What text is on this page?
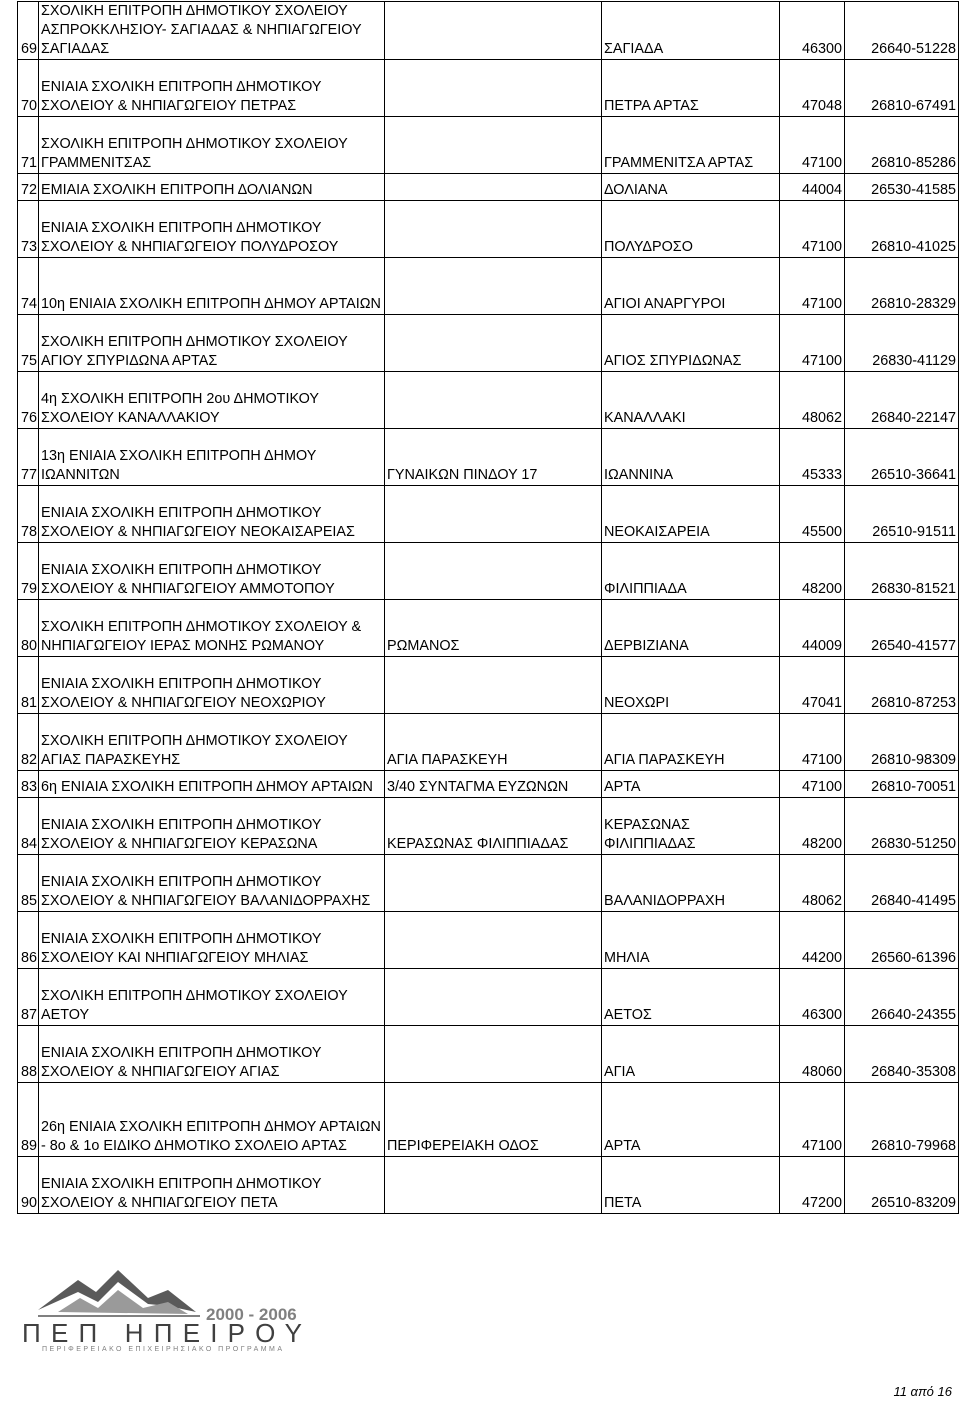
69	ΣΧΟΛΙΚΗ ΕΠΙΤΡΟΠΗ ΔΗΜΟΤΙΚΟΥ ΣΧΟΛΕΙΟΥ ΑΣΠΡΟΚΚΛΗΣΙΟΥ- ΣΑΓΙΑΔΑΣ & ΝΗΠΙΑΓΩΓΕΙΟΥ ΣΑΓΙΑΔΑΣ		ΣΑΓΙΑΔΑ	46300	26640-51228
70	ΕΝΙΑΙΑ ΣΧΟΛΙΚΗ ΕΠΙΤΡΟΠΗ ΔΗΜΟΤΙΚΟΥ ΣΧΟΛΕΙΟΥ & ΝΗΠΙΑΓΩΓΕΙΟΥ ΠΕΤΡΑΣ		ΠΕΤΡΑ ΑΡΤΑΣ	47048	26810-67491
71	ΣΧΟΛΙΚΗ ΕΠΙΤΡΟΠΗ ΔΗΜΟΤΙΚΟΥ ΣΧΟΛΕΙΟΥ ΓΡΑΜΜΕΝΙΤΣΑΣ		ΓΡΑΜΜΕΝΙΤΣΑ ΑΡΤΑΣ	47100	26810-85286
72	ΕΜΙΑΙΑ ΣΧΟΛΙΚΗ ΕΠΙΤΡΟΠΗ ΔΟΛΙΑΝΩΝ		ΔΟΛΙΑΝΑ	44004	26530-41585
73	ΕΝΙΑΙΑ ΣΧΟΛΙΚΗ ΕΠΙΤΡΟΠΗ ΔΗΜΟΤΙΚΟΥ ΣΧΟΛΕΙΟΥ & ΝΗΠΙΑΓΩΓΕΙΟΥ ΠΟΛΥΔΡΟΣΟΥ		ΠΟΛΥΔΡΟΣΟ	47100	26810-41025
74	10η ΕΝΙΑΙΑ ΣΧΟΛΙΚΗ ΕΠΙΤΡΟΠΗ ΔΗΜΟΥ ΑΡΤΑΙΩΝ		ΑΓΙΟΙ ΑΝΑΡΓΥΡΟΙ	47100	26810-28329
75	ΣΧΟΛΙΚΗ ΕΠΙΤΡΟΠΗ ΔΗΜΟΤΙΚΟΥ ΣΧΟΛΕΙΟΥ ΑΓΙΟΥ ΣΠΥΡΙΔΩΝΑ ΑΡΤΑΣ		ΑΓΙΟΣ ΣΠΥΡΙΔΩΝΑΣ	47100	26830-41129
76	4η ΣΧΟΛΙΚΗ ΕΠΙΤΡΟΠΗ 2ου ΔΗΜΟΤΙΚΟΥ ΣΧΟΛΕΙΟΥ ΚΑΝΑΛΛΑΚΙΟΥ		ΚΑΝΑΛΛΑΚΙ	48062	26840-22147
77	13η ΕΝΙΑΙΑ ΣΧΟΛΙΚΗ ΕΠΙΤΡΟΠΗ ΔΗΜΟΥ ΙΩΑΝΝΙΤΩΝ	ΓΥΝΑΙΚΩΝ ΠΙΝΔΟΥ 17	ΙΩΑΝΝΙΝΑ	45333	26510-36641
78	ΕΝΙΑΙΑ ΣΧΟΛΙΚΗ ΕΠΙΤΡΟΠΗ ΔΗΜΟΤΙΚΟΥ ΣΧΟΛΕΙΟΥ & ΝΗΠΙΑΓΩΓΕΙΟΥ ΝΕΟΚΑΙΣΑΡΕΙΑΣ		ΝΕΟΚΑΙΣΑΡΕΙΑ	45500	26510-91511
79	ΕΝΙΑΙΑ ΣΧΟΛΙΚΗ ΕΠΙΤΡΟΠΗ ΔΗΜΟΤΙΚΟΥ ΣΧΟΛΕΙΟΥ & ΝΗΠΙΑΓΩΓΕΙΟΥ ΑΜΜΟΤΟΠΟΥ		ΦΙΛΙΠΠΙΑΔΑ	48200	26830-81521
80	ΣΧΟΛΙΚΗ ΕΠΙΤΡΟΠΗ ΔΗΜΟΤΙΚΟΥ ΣΧΟΛΕΙΟΥ & ΝΗΠΙΑΓΩΓΕΙΟΥ ΙΕΡΑΣ ΜΟΝΗΣ ΡΩΜΑΝΟΥ	ΡΩΜΑΝΟΣ	ΔΕΡΒΙΖΙΑΝΑ	44009	26540-41577
81	ΕΝΙΑΙΑ ΣΧΟΛΙΚΗ ΕΠΙΤΡΟΠΗ ΔΗΜΟΤΙΚΟΥ ΣΧΟΛΕΙΟΥ & ΝΗΠΙΑΓΩΓΕΙΟΥ ΝΕΟΧΩΡΙΟΥ		ΝΕΟΧΩΡΙ	47041	26810-87253
82	ΣΧΟΛΙΚΗ ΕΠΙΤΡΟΠΗ ΔΗΜΟΤΙΚΟΥ ΣΧΟΛΕΙΟΥ ΑΓΙΑΣ ΠΑΡΑΣΚΕΥΗΣ	ΑΓΙΑ ΠΑΡΑΣΚΕΥΗ	ΑΓΙΑ ΠΑΡΑΣΚΕΥΗ	47100	26810-98309
83	6η ΕΝΙΑΙΑ ΣΧΟΛΙΚΗ ΕΠΙΤΡΟΠΗ ΔΗΜΟΥ ΑΡΤΑΙΩΝ	3/40 ΣΥΝΤΑΓΜΑ ΕΥΖΩΝΩΝ	ΑΡΤΑ	47100	26810-70051
84	ΕΝΙΑΙΑ ΣΧΟΛΙΚΗ ΕΠΙΤΡΟΠΗ ΔΗΜΟΤΙΚΟΥ ΣΧΟΛΕΙΟΥ & ΝΗΠΙΑΓΩΓΕΙΟΥ ΚΕΡΑΣΩΝΑ	ΚΕΡΑΣΩΝΑΣ ΦΙΛΙΠΠΙΑΔΑΣ	ΚΕΡΑΣΩΝΑΣ ΦΙΛΙΠΠΙΑΔΑΣ	48200	26830-51250
85	ΕΝΙΑΙΑ ΣΧΟΛΙΚΗ ΕΠΙΤΡΟΠΗ ΔΗΜΟΤΙΚΟΥ ΣΧΟΛΕΙΟΥ & ΝΗΠΙΑΓΩΓΕΙΟΥ ΒΑΛΑΝΙΔΟΡΡΑΧΗΣ		ΒΑΛΑΝΙΔΟΡΡΑΧΗ	48062	26840-41495
86	ΕΝΙΑΙΑ ΣΧΟΛΙΚΗ ΕΠΙΤΡΟΠΗ ΔΗΜΟΤΙΚΟΥ ΣΧΟΛΕΙΟΥ ΚΑΙ ΝΗΠΙΑΓΩΓΕΙΟΥ ΜΗΛΙΑΣ		ΜΗΛΙΑ	44200	26560-61396
87	ΣΧΟΛΙΚΗ ΕΠΙΤΡΟΠΗ ΔΗΜΟΤΙΚΟΥ ΣΧΟΛΕΙΟΥ ΑΕΤΟΥ		ΑΕΤΟΣ	46300	26640-24355
88	ΕΝΙΑΙΑ ΣΧΟΛΙΚΗ ΕΠΙΤΡΟΠΗ ΔΗΜΟΤΙΚΟΥ ΣΧΟΛΕΙΟΥ & ΝΗΠΙΑΓΩΓΕΙΟΥ ΑΓΙΑΣ		ΑΓΙΑ	48060	26840-35308
89	26η ΕΝΙΑΙΑ ΣΧΟΛΙΚΗ ΕΠΙΤΡΟΠΗ ΔΗΜΟΥ ΑΡΤΑΙΩΝ - 8ο & 1ο ΕΙΔΙΚΟ ΔΗΜΟΤΙΚΟ ΣΧΟΛΕΙΟ ΑΡΤΑΣ	ΠΕΡΙΦΕΡΕΙΑΚΗ ΟΔΟΣ	ΑΡΤΑ	47100	26810-79968
90	ΕΝΙΑΙΑ ΣΧΟΛΙΚΗ ΕΠΙΤΡΟΠΗ ΔΗΜΟΤΙΚΟΥ ΣΧΟΛΕΙΟΥ & ΝΗΠΙΑΓΩΓΕΙΟΥ ΠΕΤΑ		ΠΕΤΑ	47200	26510-83209
2000 - 2006
ΠΕΠ ΗΠΕΙΡΟΥ
ΠΕΡΙΦΕΡΕΙΑΚΟ ΕΠΙΧΕΙΡΗΣΙΑΚΟ ΠΡΟΓΡΑΜΜΑ
11 από 16
